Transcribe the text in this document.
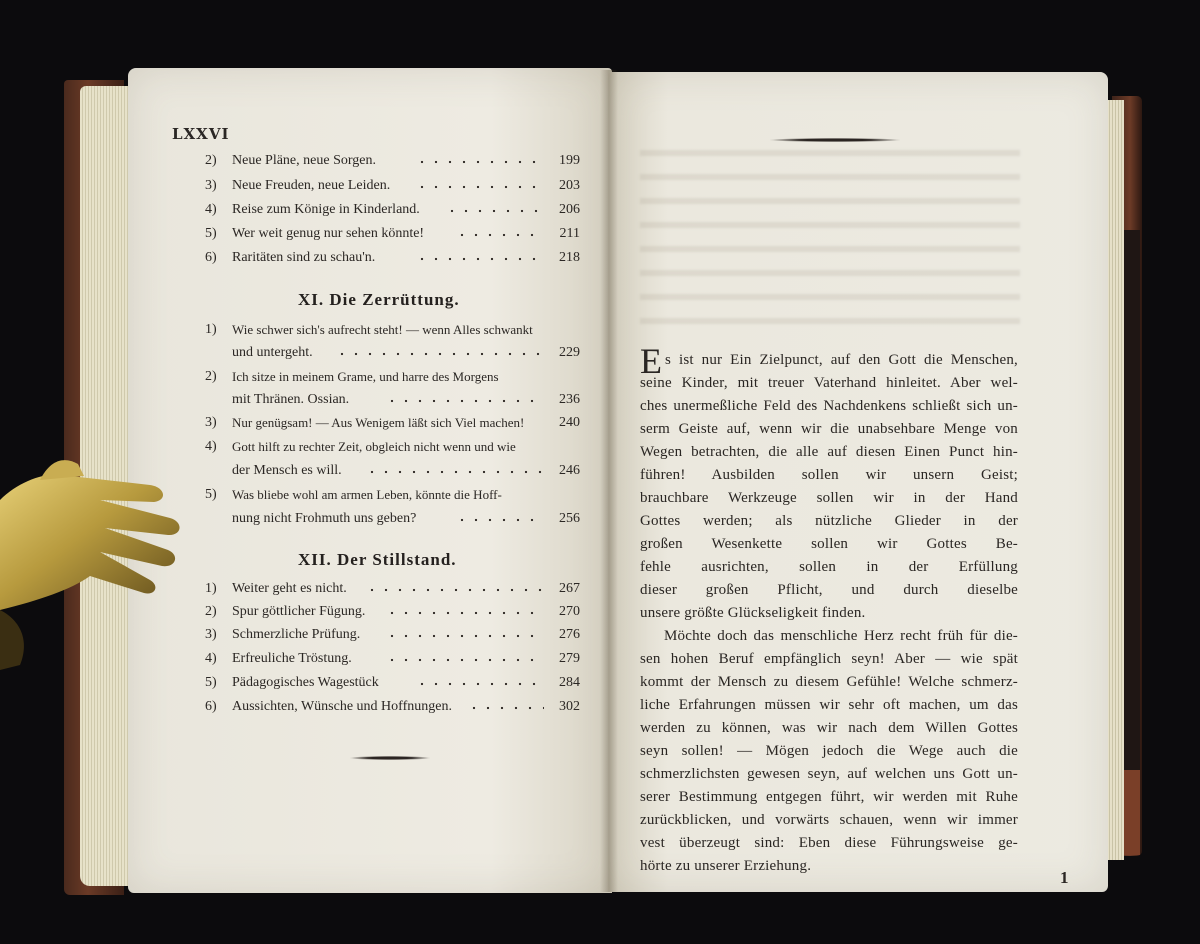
LXXVI
2) Neue Pläne, neue Sorgen.	199
3) Neue Freuden, neue Leiden.	203
4) Reise zum Könige in Kinderland.	206
5) Wer weit genug nur sehen könnte!	211
6) Raritäten sind zu schau'n.	218
XI. Die Zerrüttung.
1) Wie schwer sich's aufrecht steht! — wenn Alles schwankt
und untergeht.	229
2) Ich sitze in meinem Grame, und harre des Morgens
mit Thränen. Ossian.	236
3) Nur genügsam! — Aus Wenigem läßt sich Viel machen! 240
4) Gott hilft zu rechter Zeit, obgleich nicht wenn und wie
der Mensch es will.	246
5) Was bliebe wohl am armen Leben, könnte die Hoff-
nung nicht Frohmuth uns geben?	256
XII. Der Stillstand.
1) Weiter geht es nicht.	267
2) Spur göttlicher Fügung.	270
3) Schmerzliche Prüfung.	276
4) Erfreuliche Tröstung.	279
5) Pädagogisches Wagestück	284
6) Aussichten, Wünsche und Hoffnungen.	302
E s ist nur Ein Zielpunct, auf den Gott die Menschen,
seine Kinder, mit treuer Vaterhand hinleitet. Aber wel-
ches unermeßliche Feld des Nachdenkens schließt sich un-
serm Geiste auf, wenn wir die unabsehbare Menge von
Wegen betrachten, die alle auf diesen Einen Punct hin-
führen! Ausbilden sollen wir unsern Geist;
brauchbare Werkzeuge sollen wir in der Hand
Gottes werden; als nützliche Glieder in der
großen Wesenkette sollen wir Gottes Be-
fehle ausrichten, sollen in der Erfüllung
dieser großen Pflicht, und durch dieselbe
unsere größte Glückseligkeit finden.
Möchte doch das menschliche Herz recht früh für die-
sen hohen Beruf empfänglich seyn! Aber — wie spät
kommt der Mensch zu diesem Gefühle! Welche schmerz-
liche Erfahrungen müssen wir sehr oft machen, um das
werden zu können, was wir nach dem Willen Gottes
seyn sollen! — Mögen jedoch die Wege auch die
schmerzlichsten gewesen seyn, auf welchen uns Gott un-
serer Bestimmung entgegen führt, wir werden mit Ruhe
zurückblicken, und vorwärts schauen, wenn wir immer
vest überzeugt sind: Eben diese Führungsweise ge-
hörte zu unserer Erziehung.
1
